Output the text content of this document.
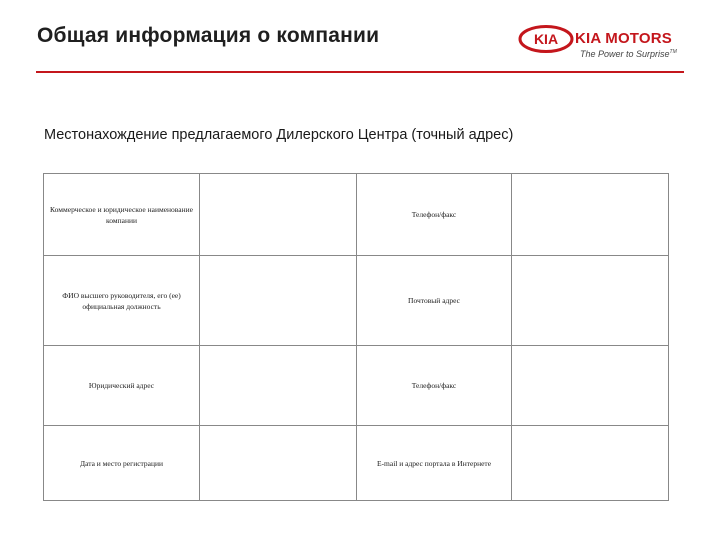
Общая информация о компании	KIA KIA MOTORS
The Power to Surprise™
Местонахождение предлагаемого Дилерского Центра (точный адрес)
Коммерческое и юридическое наименование компании		Телефон/факс	
ФИО высшего руководителя, его (ее) официальная должность		Почтовый адрес	
Юридический адрес		Телефон/факс	
Дата и место регистрации		E-mail и адрес портала в Интернете	
